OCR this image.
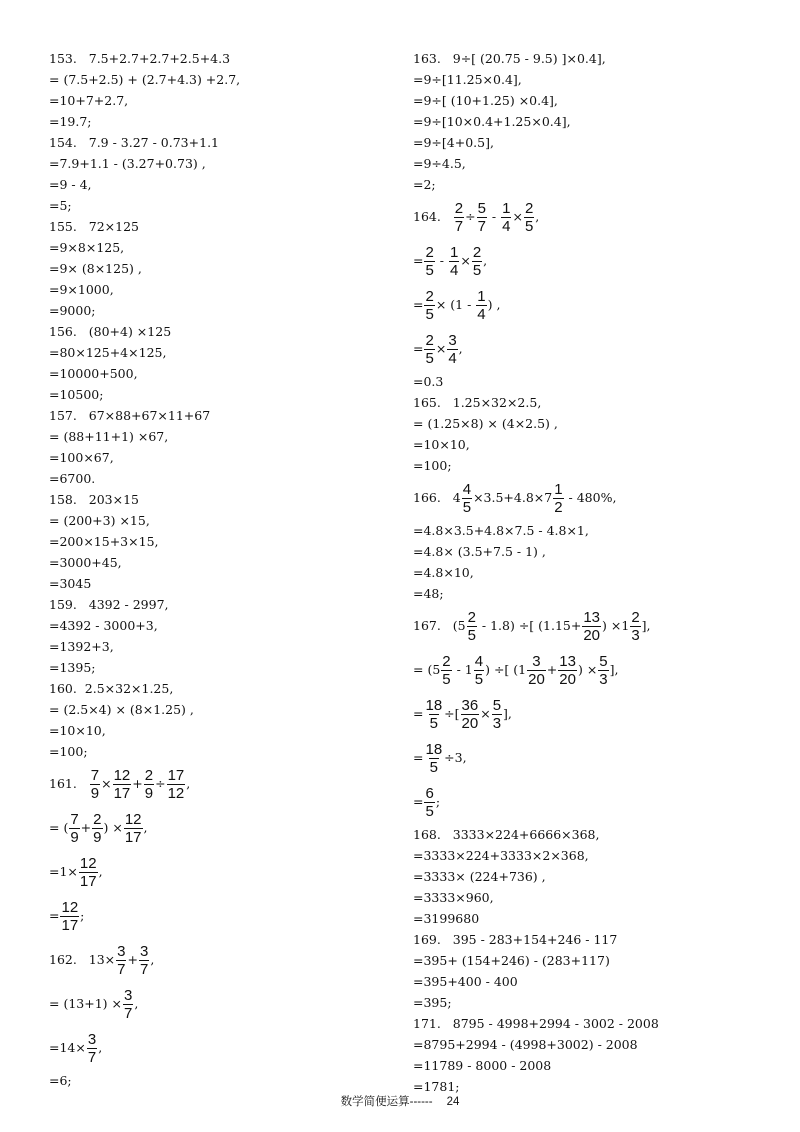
153.   7.5+2.7+2.7+2.5+4.3
= (7.5+2.5) + (2.7+4.3) +2.7,
=10+7+2.7,
=19.7;
154.   7.9 - 3.27 - 0.73+1.1
=7.9+1.1 - (3.27+0.73) ,
=9 - 4,
=5;
155.   72×125
=9×8×125,
=9× (8×125) ,
=9×1000,
=9000;
156.   (80+4) ×125
=80×125+4×125,
=10000+500,
=10500;
157.   67×88+67×11+67
= (88+11+1) ×67,
=100×67,
=6700.
158.   203×15
= (200+3) ×15,
=200×15+3×15,
=3000+45,
=3045
159.   4392 - 2997,
=4392 - 3000+3,
=1392+3,
=1395;
160.  2.5×32×1.25,
= (2.5×4) × (8×1.25) ,
=10×10,
=100;
161. $\frac{7}{9} \times \frac{12}{17} + \frac{2}{9} \div \frac{17}{12}$ ,
= ( $\frac{7}{9} + \frac{2}{9}$ ) × $\frac{12}{17}$ ,
$=1\times \frac{12}{17}$ ,
= $\frac{12}{17}$ ;
162.   $13\times \frac{3}{7} + \frac{3}{7}$ ,
= $(13+1) \times \frac{3}{7}$ ,
$=14\times \frac{3}{7}$ ,
=6;
163.   9÷[ (20.75 - 9.5) ]×0.4],
=9÷[11.25×0.4],
=9÷[ (10+1.25) ×0.4],
=9÷[10×0.4+1.25×0.4],
=9÷[4+0.5],
=9÷4.5,
=2;
164. $\frac{2}{7} \div \frac{5}{7} - \frac{1}{4} \times \frac{2}{5}$ ,
= $\frac{2}{5} - \frac{1}{4} \times \frac{2}{5}$ ,
= $\frac{2}{5} \times (1 - \frac{1}{4}$ ) ,
= $\frac{2}{5} \times \frac{3}{4}$ ,
=0.3
165.   1.25×32×2.5,
= (1.25×8) × (4×2.5) ,
=10×10,
=100;
166.   $4 \frac{4}{5} \times 3.5+4.8\times 7 \frac{1}{2} - 480\%$,
=4.8×3.5+4.8×7.5 - 4.8×1,
=4.8× (3.5+7.5 - 1) ,
=4.8×10,
=48;
167.   $(5 \frac{2}{5} - 1.8)$ ÷[ ($1.15+ \frac{13}{20}$ ) $\times 1 \frac{2}{3}$ ],
= ($5 \frac{2}{5} - 1 \frac{4}{5}$ ) ÷[ ($1 \frac{3}{20} + \frac{13}{20}$ ) × $\frac{5}{3}$ ],
= $\frac{18}{5}$ ÷[ $\frac{36}{20} \times \frac{5}{3}$ ],
= $\frac{18}{5} \div 3$,
= $\frac{6}{5}$ ;
168.   3333×224+6666×368,
=3333×224+3333×2×368,
=3333× (224+736) ,
=3333×960,
=3199680
169.   395 - 283+154+246 - 117
=395+ (154+246) - (283+117)
=395+400 - 400
=395;
171.   8795 - 4998+2994 - 3002 - 2008
=8795+2994 - (4998+3002) - 2008
=11789 - 8000 - 2008
=1781;
数学简便运算------ 24
